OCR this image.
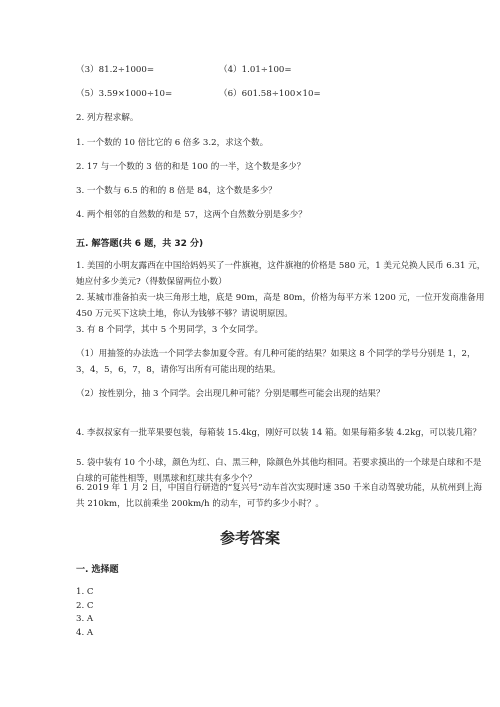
（3）81.2÷1000=	（4）1.01÷100=
（5）3.59×1000÷10=	（6）601.58÷100×10=
2. 列方程求解。
1. 一个数的 10 倍比它的 6 倍多 3.2，求这个数。
2. 17 与一个数的 3 倍的和是 100 的一半，这个数是多少？
3. 一个数与 6.5 的和的 8 倍是 84，这个数是多少？
4. 两个相邻的自然数的和是 57，这两个自然数分别是多少？
五. 解答题(共 6 题，共 32 分)
1. 美国的小明友露西在中国给妈妈买了一件旗袍，这件旗袍的价格是 580 元，1 美元兑换人民币 6.31 元，她应付多少美元?（得数保留两位小数）
2. 某城市准备拍卖一块三角形土地，底是 90m，高是 80m，价格为每平方米 1200 元，一位开发商准备用 450 万元买下这块土地，你认为钱够不够？请说明原因。
3. 有 8 个同学，其中 5 个男同学，3 个女同学。
（1）用抽签的办法选一个同学去参加夏令营。有几种可能的结果？如果这 8 个同学的学号分别是 1，2，3，4，5，6，7，8，请你写出所有可能出现的结果。
（2）按性别分，抽 3 个同学。会出现几种可能？分别是哪些可能会出现的结果？
4. 李叔叔家有一批苹果要包装，每箱装 15.4kg，刚好可以装 14 箱。如果每箱多装 4.2kg，可以装几箱？
5. 袋中装有 10 个小球，颜色为红、白、黑三种，除颜色外其他均相同。若要求摸出的一个球是白球和不是白球的可能性相等，则黑球和红球共有多少个？
6. 2019 年 1 月 2 日，中国自行研造的“复兴号”动车首次实现时速 350 千米自动驾驶功能，从杭州到上海共 210km，比以前乘坐 200km/h 的动车，可节约多少小时？。
参考答案
一. 选择题
1. C
2. C
3. A
4. A
